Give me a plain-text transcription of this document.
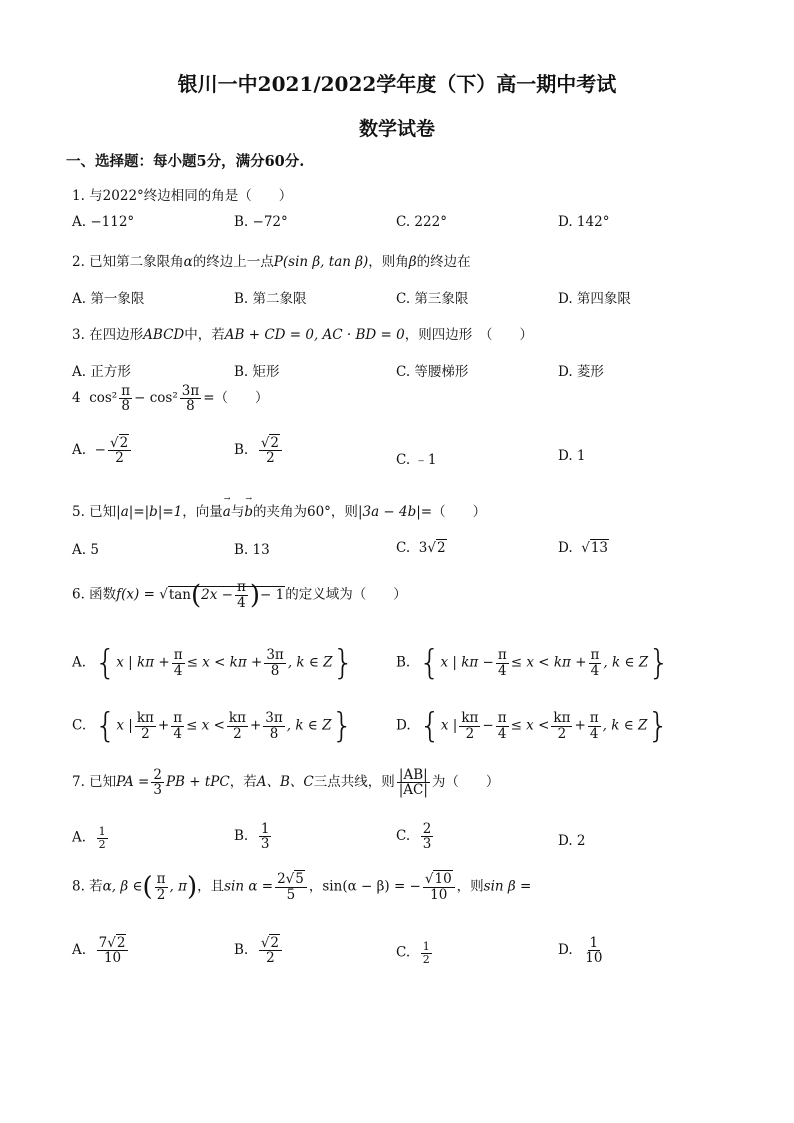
银川一中2021/2022学年度（下）高一期中考试
数学试卷
一、选择题：每小题5分，满分60分.
1. 与2022°终边相同的角是（　　）
A. −112°	B. −72°	C. 222°	D. 142°
2. 已知第二象限角α的终边上一点P(sin β, tan β)，则角β的终边在
A. 第一象限	B. 第二象限	C. 第三象限	D. 第四象限
3. 在四边形ABCD中，若AB + CD = 0, AC · BD = 0，则四边形　（　　）
A. 正方形	B. 矩形	C. 等腰梯形	D. 菱形
4 $\cos^2 \frac{\pi}{8} - \cos^2 \frac{3\pi}{8}$ =（　　）
A. − $\frac{√2}{2}$	B. $\frac{√2}{2}$	C. ﹣1	D. 1
5. 已知|a|=|b|=1，向量→ a与→ b的夹角为60°，则|3a − 4b|=（　　）
A. 5	B. 13	C. 3√2	D.  √13
6. 函数$f(x) = √\tan(2x - \frac{\pi}{4}$ )− 1的定义域为（　　）
A. {x | $k\pi + \frac{\pi}{4} \le x < k\pi + \frac{3\pi}{8}$ , k ∈ Z}	B. {x | $k\pi - \frac{\pi}{4} \le x < k\pi + \frac{\pi}{4}$ , k ∈ Z}
C. {x | $\frac{k\pi}{2} + \frac{\pi}{4} \le x < \frac{k\pi}{2} + \frac{3\pi}{8}$ , k ∈ Z}	D. {x | $\frac{k\pi}{2} - \frac{\pi}{4} \le x < \frac{k\pi}{2} + \frac{\pi}{4}$ , k ∈ Z}
7. 已知PA = $\frac{2}{3}$ PB + tPC，若A、B、C三点共线，则 $\frac{|AB|}{|AC|}$ 为（　　）
A. $\frac{1}{2}$	B. $\frac{1}{3}$	C. $\frac{2}{3}$	D. 2
8. 若α, β ∈( $\frac{\pi}{2}$ , π)，且$\sin \alpha = \frac{2√5}{5}$ ，sin(α − β) = − $\frac{√10}{10}$ ，则sin β =
A. $\frac{7√2}{10}$	B. $\frac{√2}{2}$	C. $\frac{1}{2}$	D. $\frac{1}{10}$
